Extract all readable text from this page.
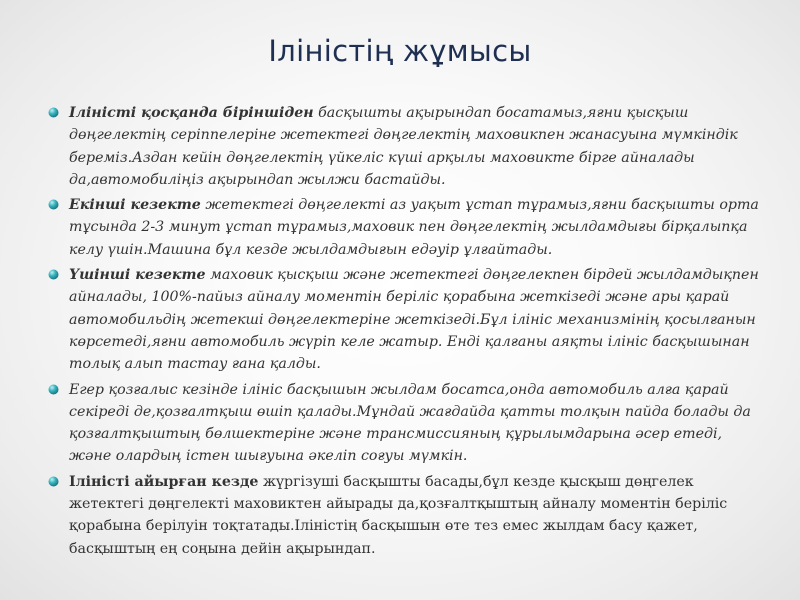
Іліністің жұмысы
Іліністі қосқанда біріншіден басқышты ақырындап босатамыз,яғни қысқыш дөңгелектің серіппелеріне жетектегі дөңгелектің маховикпен жанасуына мүмкіндік береміз.Аздан кейін дөңгелектің үйкеліс күші арқылы маховикте бірге айналады да,автомобиліңіз ақырындап жылжи бастайды.
Екінші кезекте жетектегі дөңгелекті аз уақыт ұстап тұрамыз,яғни басқышты орта тұсында 2-3 минут ұстап тұрамыз,маховик пен дөңгелектің жылдамдығы бірқалыпқа келу үшін.Машина бұл кезде жылдамдығын едәуір ұлғайтады.
Үшінші кезекте маховик қысқыш және жетектегі дөңгелекпен бірдей жылдамдықпен айналады, 100%-пайыз айналу моментін беріліс қорабына жеткізеді және ары қарай автомобильдің жетекші дөңгелектеріне жеткізеді.Бұл ілініс механизмінің қосылғанын көрсетеді,яғни автомобиль жүріп келе жатыр. Енді қалғаны аяқты ілініс басқышынан толық алып тастау ғана қалды.
Егер қозғалыс кезінде ілініс басқышын жылдам босатса,онда автомобиль алға қарай секіреді де,қозғалтқыш өшіп қалады.Мұндай жағдайда қатты толқын пайда болады да қозғалтқыштың бөлшектеріне және трансмиссияның құрылымдарына әсер етеді, және олардың істен шығуына әкеліп соғуы мүмкін.
Іліністі айырған кезде жүргізуші басқышты басады,бұл кезде қысқыш дөңгелек жетектегі дөңгелекті маховиктен айырады да,қозғалтқыштың айналу моментін беріліс қорабына берілуін тоқтатады.Іліністің басқышын өте тез емес жылдам басу қажет, басқыштың ең соңына дейін ақырындап.
